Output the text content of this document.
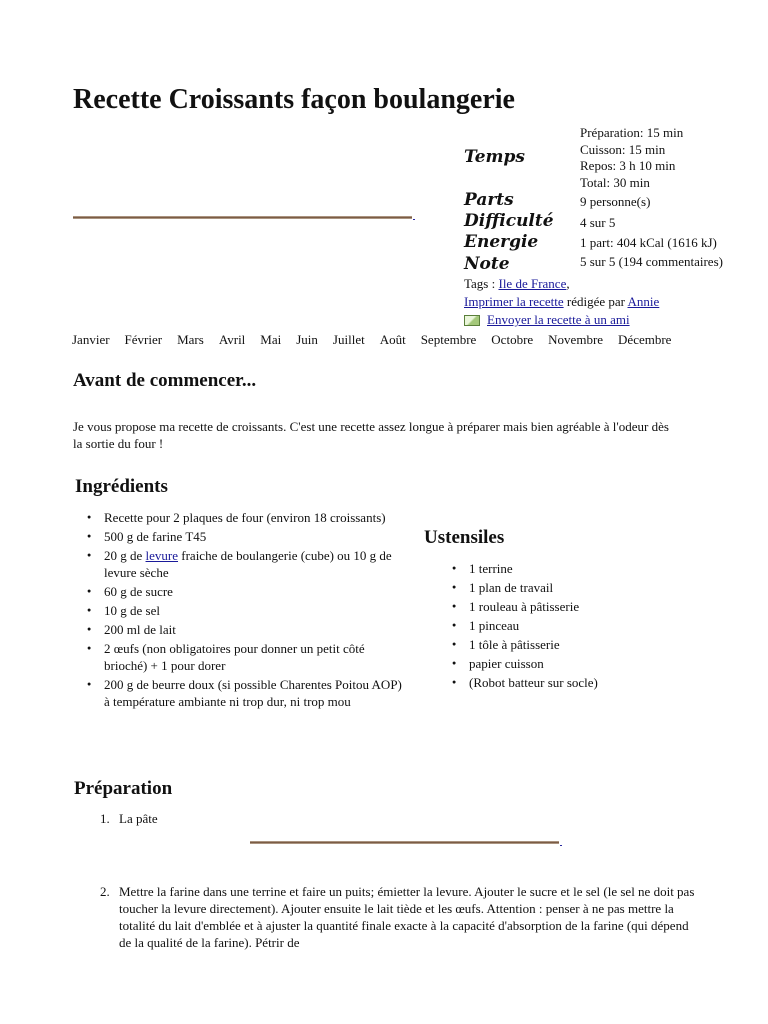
Recette Croissants façon boulangerie
Temps
Préparation: 15 min
Cuisson: 15 min
Repos: 3 h 10 min
Total: 30 min
Parts	9 personne(s)
Difficulté 4 sur 5
Energie	1 part: 404 kCal (1616 kJ)
Note	5 sur 5 (194 commentaires)
Tags : Ile de France,
Imprimer la recette rédigée par Annie
Envoyer la recette à un ami
Janvier Février Mars Avril Mai Juin Juillet Août Septembre Octobre Novembre Décembre
Avant de commencer...
Je vous propose ma recette de croissants. C'est une recette assez longue à préparer mais bien agréable à l'odeur dès la sortie du four !
Ingrédients
● Recette pour 2 plaques de four (environ 18 croissants)
● 500 g de farine T45
● 20 g de levure fraiche de boulangerie (cube) ou 10 g de levure sèche
● 60 g de sucre
● 10 g de sel
● 200 ml de lait
● 2 œufs (non obligatoires pour donner un petit côté brioché) + 1 pour dorer
● 200 g de beurre doux (si possible Charentes Poitou AOP) à température ambiante ni trop dur, ni trop mou
Ustensiles
● 1 terrine
● 1 plan de travail
● 1 rouleau à pâtisserie
● 1 pinceau
● 1 tôle à pâtisserie
● papier cuisson
● (Robot batteur sur socle)
Préparation
1. La pâte
2. Mettre la farine dans une terrine et faire un puits; émietter la levure. Ajouter le sucre et le sel (le sel ne doit pas toucher la levure directement). Ajouter ensuite le lait tiède et les œufs. Attention : penser à ne pas mettre la totalité du lait d'emblée et à ajuster la quantité finale exacte à la capacité d'absorption de la farine (qui dépend de la qualité de la farine). Pétrir de
